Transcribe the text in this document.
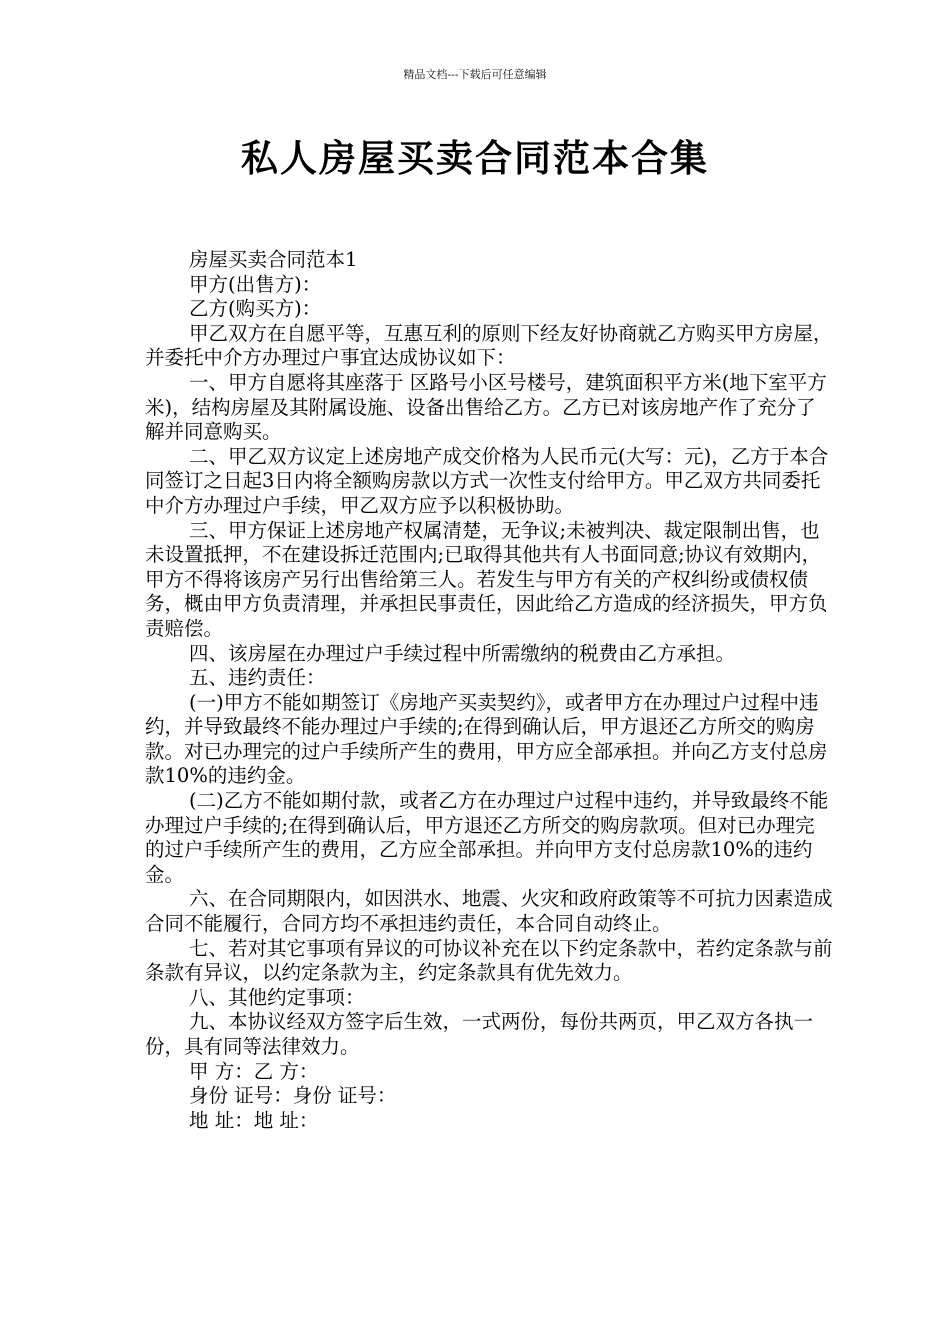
精品文档---下载后可任意编辑
私人房屋买卖合同范本合集

房屋买卖合同范本1

甲方(出售方)：

乙方(购买方)：

甲乙双方在自愿平等，互惠互利的原则下经友好协商就乙方购买甲方房屋，并委托中介方办理过户事宜达成协议如下：

一、甲方自愿将其座落于 区路号小区号楼号，建筑面积平方米(地下室平方米)，结构房屋及其附属设施、设备出售给乙方。乙方已对该房地产作了充分了解并同意购买。

二、甲乙双方议定上述房地产成交价格为人民币元(大写：元)，乙方于本合同签订之日起3日内将全额购房款以方式一次性支付给甲方。甲乙双方共同委托中介方办理过户手续，甲乙双方应予以积极协助。

三、甲方保证上述房地产权属清楚，无争议;未被判决、裁定限制出售，也未设置抵押，不在建设拆迁范围内;已取得其他共有人书面同意;协议有效期内，甲方不得将该房产另行出售给第三人。若发生与甲方有关的产权纠纷或债权债务，概由甲方负责清理，并承担民事责任，因此给乙方造成的经济损失，甲方负责赔偿。

四、该房屋在办理过户手续过程中所需缴纳的税费由乙方承担。

五、违约责任：

(一)甲方不能如期签订《房地产买卖契约》，或者甲方在办理过户过程中违约，并导致最终不能办理过户手续的;在得到确认后，甲方退还乙方所交的购房款。对已办理完的过户手续所产生的费用，甲方应全部承担。并向乙方支付总房款10%的违约金。

(二)乙方不能如期付款，或者乙方在办理过户过程中违约，并导致最终不能办理过户手续的;在得到确认后，甲方退还乙方所交的购房款项。但对已办理完的过户手续所产生的费用，乙方应全部承担。并向甲方支付总房款10%的违约金。

六、在合同期限内，如因洪水、地震、火灾和政府政策等不可抗力因素造成合同不能履行，合同方均不承担违约责任，本合同自动终止。

七、若对其它事项有异议的可协议补充在以下约定条款中，若约定条款与前条款有异议，以约定条款为主，约定条款具有优先效力。

八、其他约定事项：

九、本协议经双方签字后生效，一式两份，每份共两页，甲乙双方各执一份，具有同等法律效力。

甲 方：乙 方：

身份 证号：身份 证号：

地 址：地 址：
